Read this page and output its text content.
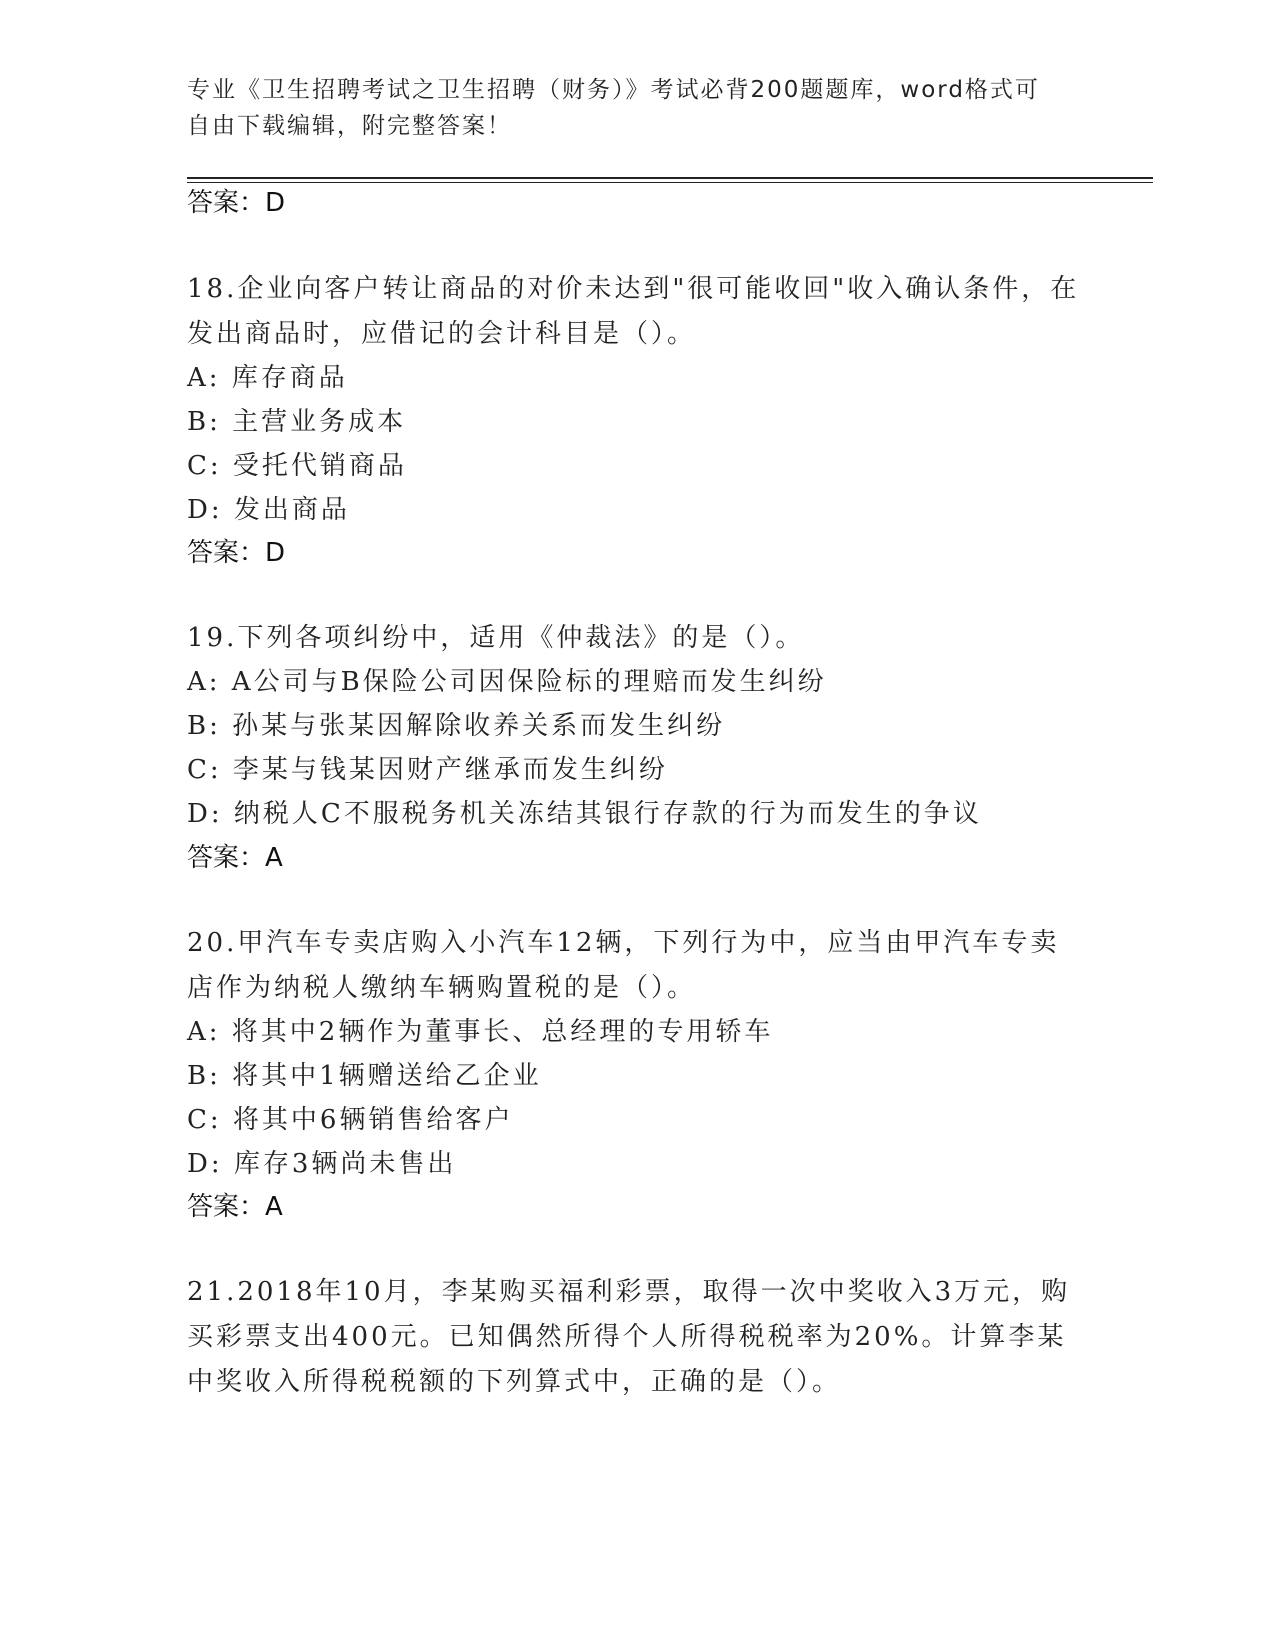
专业《卫生招聘考试之卫生招聘（财务）》考试必背200题题库，word格式可自由下载编辑，附完整答案！
答案：D
18.企业向客户转让商品的对价未达到"很可能收回"收入确认条件，在发出商品时，应借记的会计科目是（）。
A: 库存商品
B: 主营业务成本
C: 受托代销商品
D: 发出商品
答案：D
19.下列各项纠纷中，适用《仲裁法》的是（）。
A: A公司与B保险公司因保险标的理赔而发生纠纷
B: 孙某与张某因解除收养关系而发生纠纷
C: 李某与钱某因财产继承而发生纠纷
D: 纳税人C不服税务机关冻结其银行存款的行为而发生的争议
答案：A
20.甲汽车专卖店购入小汽车12辆，下列行为中，应当由甲汽车专卖店作为纳税人缴纳车辆购置税的是（）。
A: 将其中2辆作为董事长、总经理的专用轿车
B: 将其中1辆赠送给乙企业
C: 将其中6辆销售给客户
D: 库存3辆尚未售出
答案：A
21.2018年10月，李某购买福利彩票，取得一次中奖收入3万元，购买彩票支出400元。已知偶然所得个人所得税税率为20%。计算李某中奖收入所得税税额的下列算式中，正确的是（）。
